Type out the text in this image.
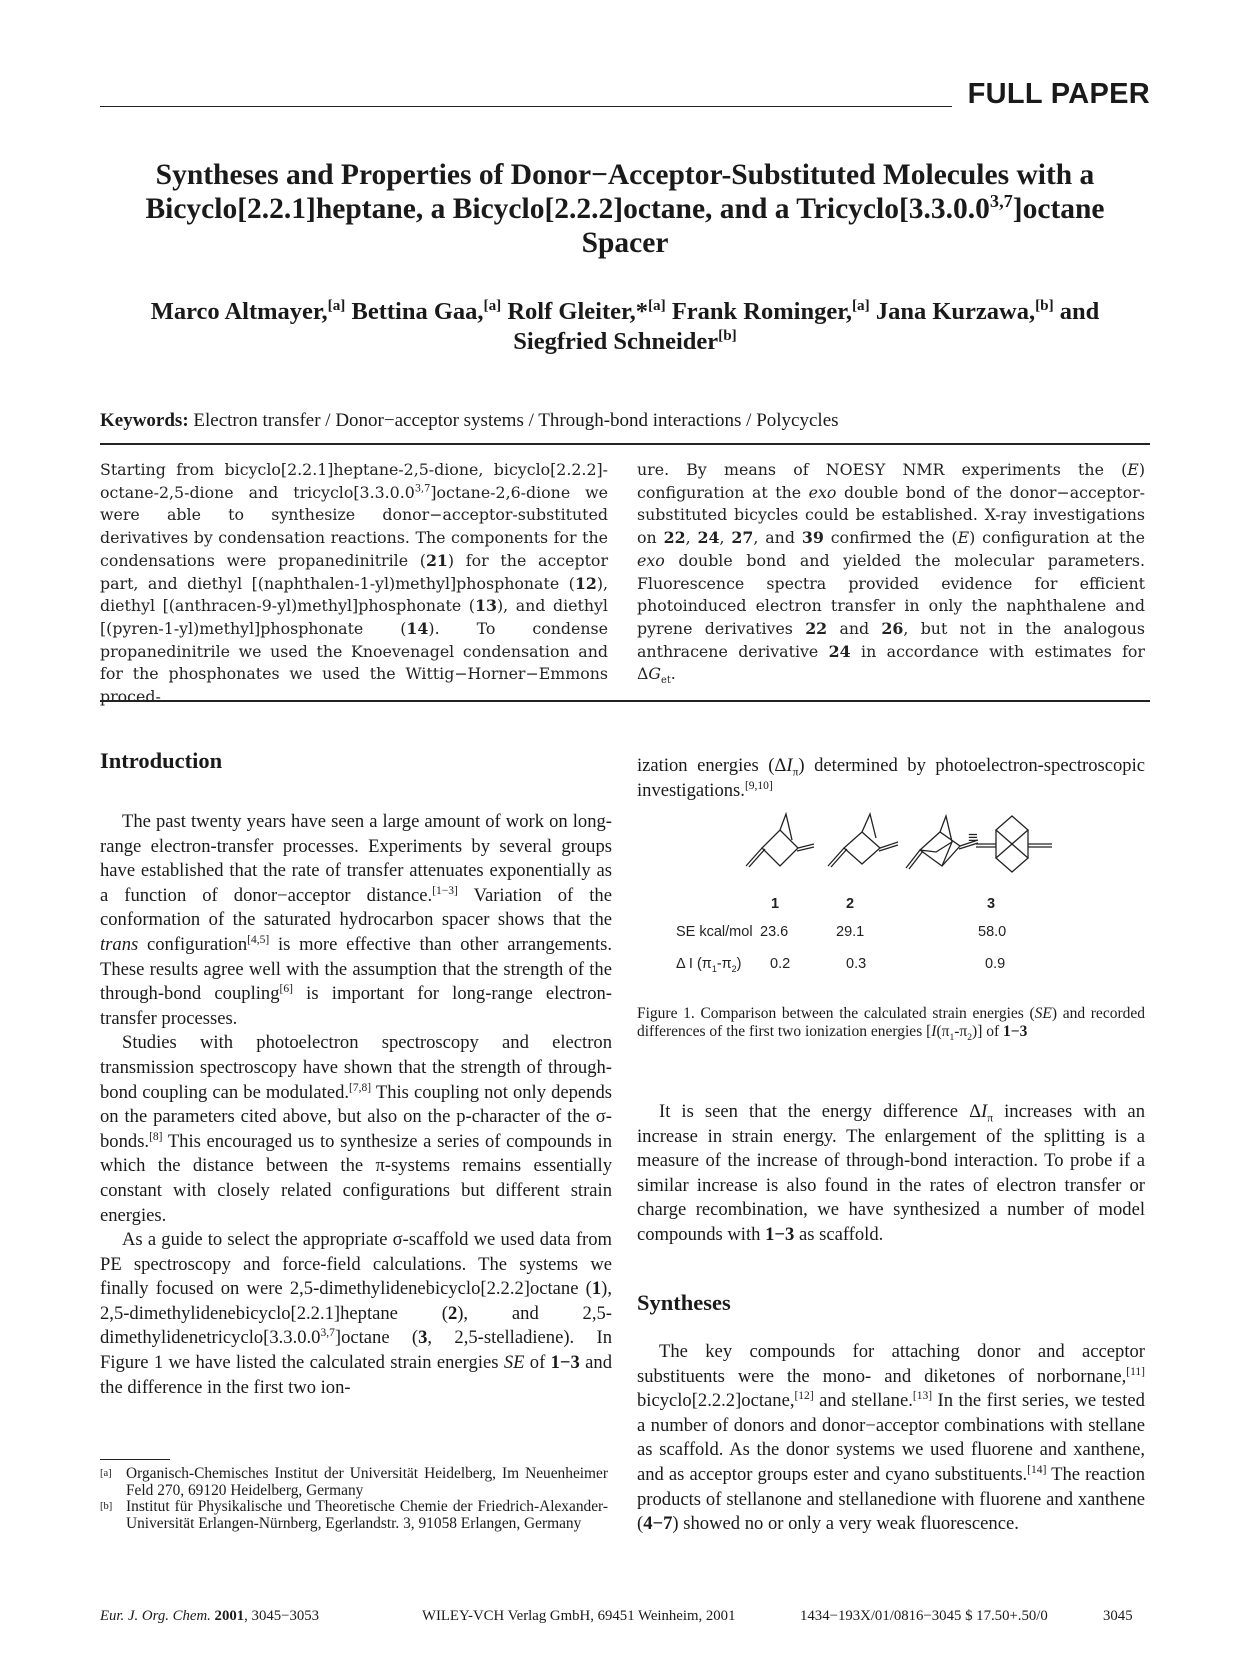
FULL PAPER
Syntheses and Properties of Donor−Acceptor-Substituted Molecules with a
Bicyclo[2.2.1]heptane, a Bicyclo[2.2.2]octane, and a Tricyclo[3.3.0.0$^{3,7}$]octane
Spacer
Marco Altmayer,[a] Bettina Gaa,[a] Rolf Gleiter,*[a] Frank Rominger,[a] Jana Kurzawa,[b] and
Siegfried Schneider[b]
Keywords: Electron transfer / Donor−acceptor systems / Through-bond interactions / Polycycles

Starting from bicyclo[2.2.1]heptane-2,5-dione, bicyclo[2.2.2]- octane-2,5-dione and tricyclo[3.3.0.0$^{3,7}$]octane-2,6-dione we were able to synthesize donor−acceptor-substituted derivatives by condensation reactions. The components for the condensations were propanedinitrile (21) for the acceptor part, and diethyl [(naphthalen-1-yl)methyl]phosphonate (12), diethyl [(anthracen-9-yl)methyl]phosphonate (13), and diethyl [(pyren-1-yl)methyl]phosphonate (14). To condense propanedinitrile we used the Knoevenagel condensation and for the phosphonates we used the Wittig−Horner−Emmons proced-

ure. By means of NOESY NMR experiments the (E) configuration at the exo double bond of the donor−acceptor-substituted bicycles could be established. X-ray investigations on 22, 24, 27, and 39 confirmed the (E) configuration at the exo double bond and yielded the molecular parameters. Fluorescence spectra provided evidence for efficient photoinduced electron transfer in only the naphthalene and pyrene derivatives 22 and 26, but not in the analogous anthracene derivative 24 in accordance with estimates for $\Delta G_{et}$.

Introduction

The past twenty years have seen a large amount of work on long-range electron-transfer processes. Experiments by several groups have established that the rate of transfer attenuates exponentially as a function of donor−acceptor distance.[1−3] Variation of the conformation of the saturated hydrocarbon spacer shows that the trans configuration[4,5] is more effective than other arrangements. These results agree well with the assumption that the strength of the through-bond coupling[6] is important for long-range electron-transfer processes.

Studies with photoelectron spectroscopy and electron transmission spectroscopy have shown that the strength of through-bond coupling can be modulated.[7,8] This coupling not only depends on the parameters cited above, but also on the p-character of the σ-bonds.[8] This encouraged us to synthesize a series of compounds in which the distance between the π-systems remains essentially constant with closely related configurations but different strain energies.

As a guide to select the appropriate σ-scaffold we used data from PE spectroscopy and force-field calculations. The systems we finally focused on were 2,5-dimethylidenebicyclo[2.2.2]octane (1), 2,5-dimethylidenebicyclo[2.2.1]heptane (2), and 2,5-dimethylidenetricyclo[3.3.0.0$^{3,7}$]octane (3, 2,5-stelladiene). In Figure 1 we have listed the calculated strain energies SE of 1−3 and the difference in the first two ion-

ization energies $(\Delta I_\pi)$ determined by photoelectron-spectroscopic investigations.[9,10]

≡
1	2	3
SE kcal/mol 23.6	29.1	58.0
Δ I $(\pi_1-\pi_2)$ 0.2	0.3	0.9
Figure 1. Comparison between the calculated strain energies (SE) and recorded differences of the first two ionization energies $[I(\pi_1-\pi_2)]$ of 1−3

It is seen that the energy difference $\Delta I_\pi$ increases with an increase in strain energy. The enlargement of the splitting is a measure of the increase of through-bond interaction. To probe if a similar increase is also found in the rates of electron transfer or charge recombination, we have synthesized a number of model compounds with 1−3 as scaffold.

Syntheses

The key compounds for attaching donor and acceptor substituents were the mono- and diketones of norbornane,[11] bicyclo[2.2.2]octane,[12] and stellane.[13] In the first series, we tested a number of donors and donor−acceptor combinations with stellane as scaffold. As the donor systems we used fluorene and xanthene, and as acceptor groups ester and cyano substituents.[14] The reaction products of stellanone and stellanedione with fluorene and xanthene (4−7) showed no or only a very weak fluorescence.

[a] Organisch-Chemisches Institut der Universität Heidelberg, Im Neuenheimer Feld 270, 69120 Heidelberg, Germany
[b] Institut für Physikalische und Theoretische Chemie der Friedrich-Alexander-Universität Erlangen-Nürnberg, Egerlandstr. 3, 91058 Erlangen, Germany
Eur. J. Org. Chem. 2001, 3045−3053	WILEY-VCH Verlag GmbH, 69451 Weinheim, 2001	1434−193X/01/0816−3045 $ 17.50+.50/0	3045
